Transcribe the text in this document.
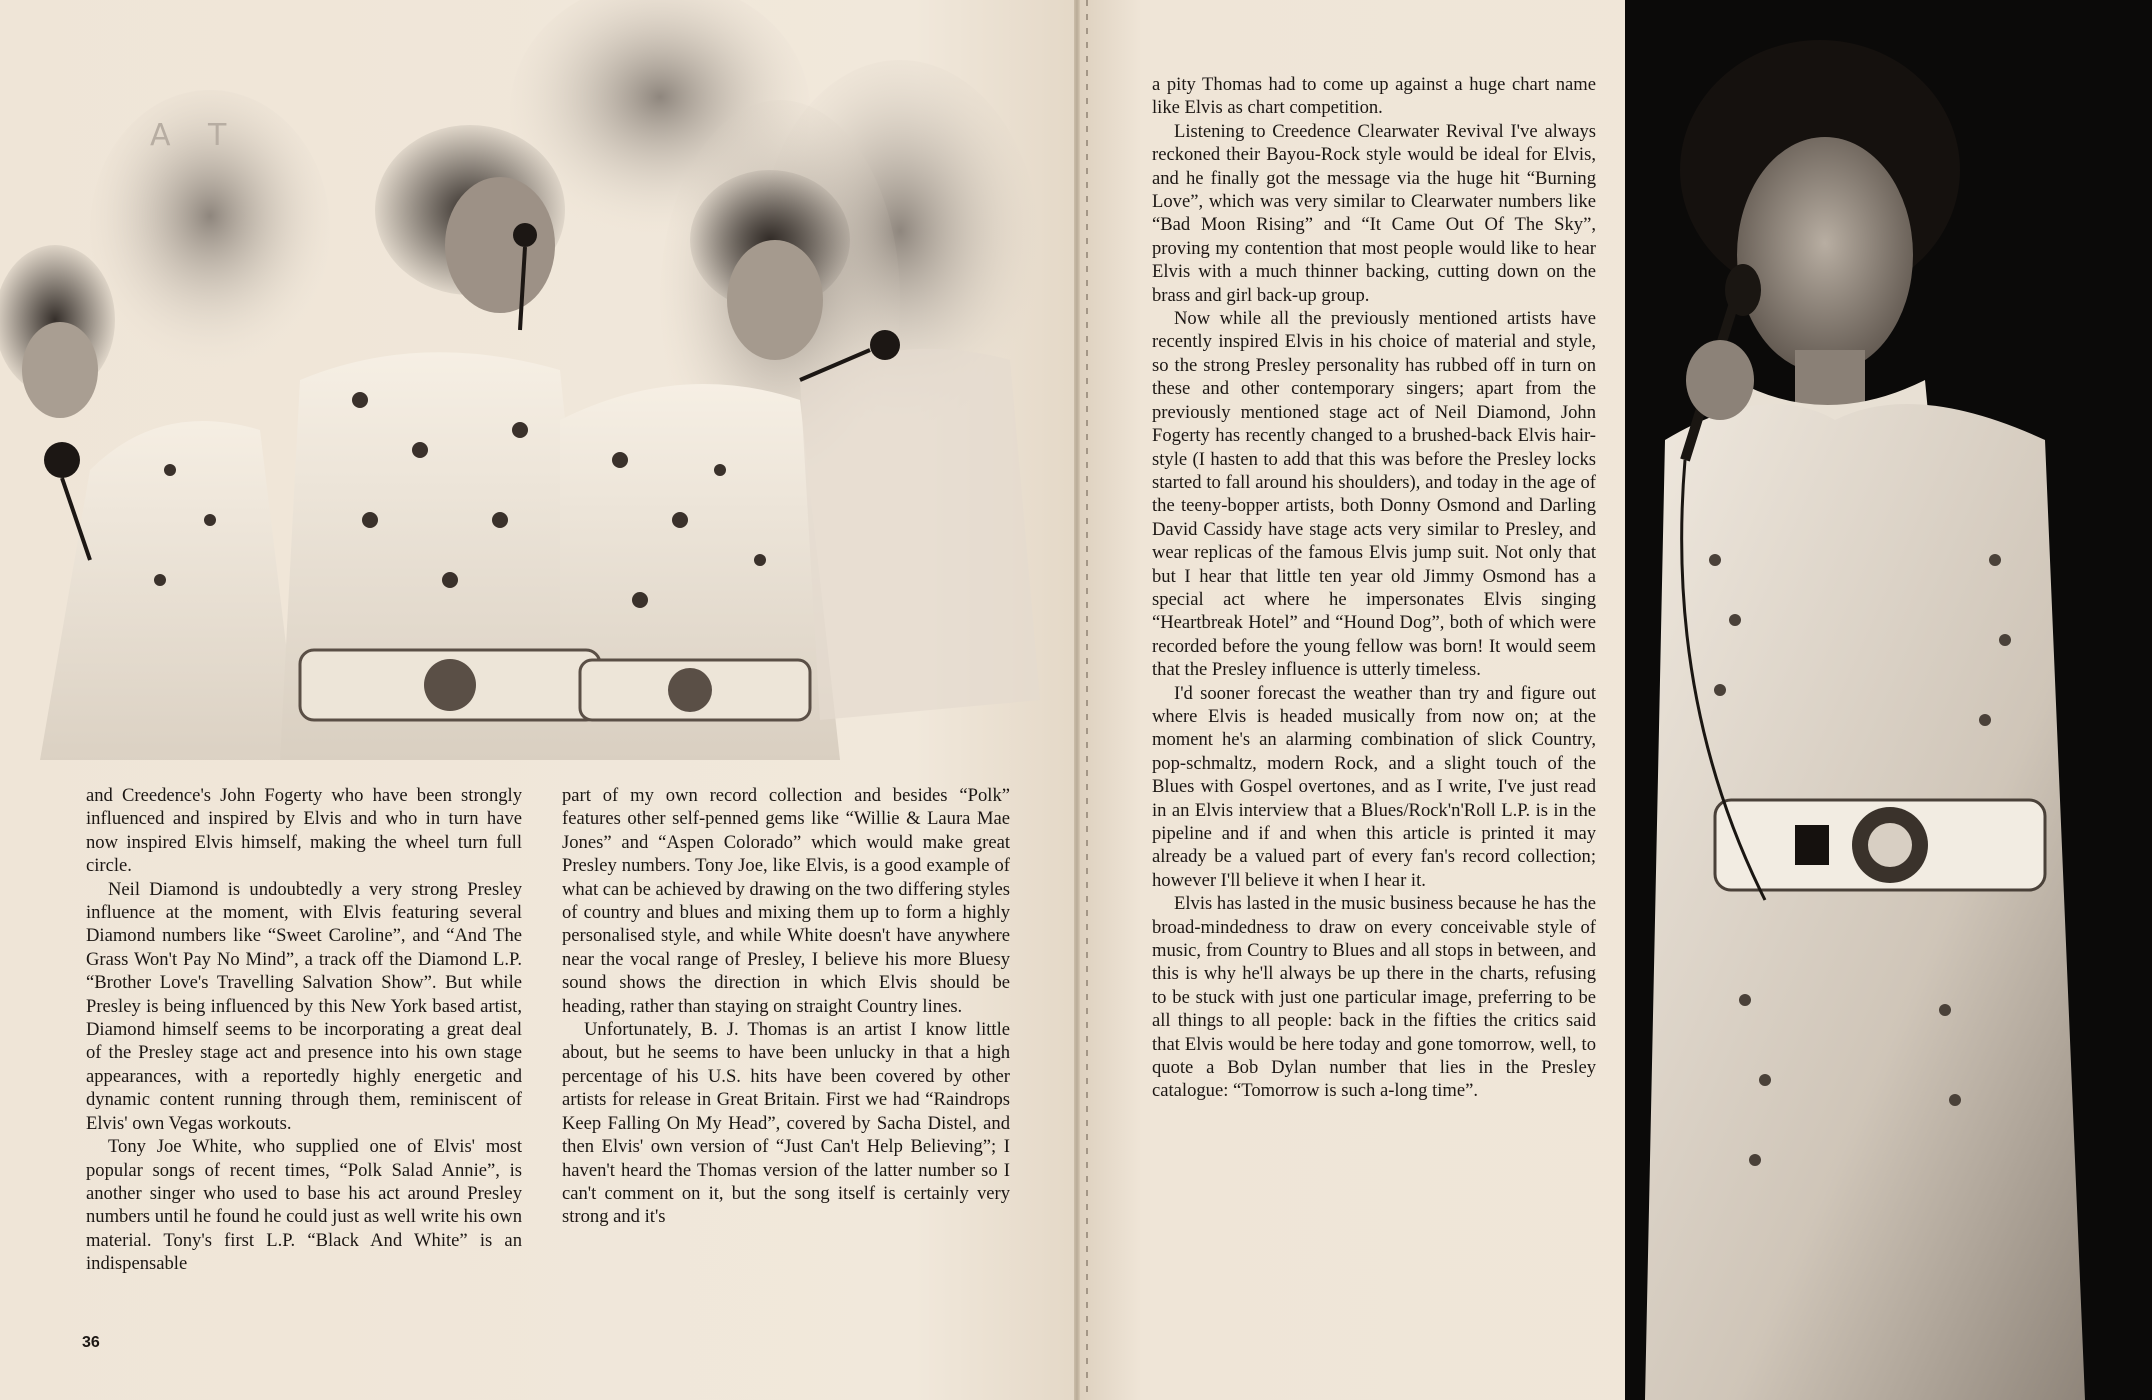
A T

and Creedence's John Fogerty who have been strongly influenced and inspired by Elvis and who in turn have now inspired Elvis himself, making the wheel turn full circle.

Neil Diamond is undoubtedly a very strong Presley influence at the moment, with Elvis featuring several Diamond numbers like “Sweet Caroline”, and “And The Grass Won't Pay No Mind”, a track off the Diamond L.P. “Brother Love's Travelling Salvation Show”. But while Presley is being influenced by this New York based artist, Diamond himself seems to be incorporating a great deal of the Presley stage act and presence into his own stage appearances, with a reportedly highly energetic and dynamic content running through them, reminiscent of Elvis' own Vegas workouts.

Tony Joe White, who supplied one of Elvis' most popular songs of recent times, “Polk Salad Annie”, is another singer who used to base his act around Presley numbers until he found he could just as well write his own material. Tony's first L.P. “Black And White” is an indispensable

part of my own record collection and besides “Polk” features other self-penned gems like “Willie & Laura Mae Jones” and “Aspen Colorado” which would make great Presley numbers. Tony Joe, like Elvis, is a good example of what can be achieved by drawing on the two differing styles of country and blues and mixing them up to form a highly personalised style, and while White doesn't have anywhere near the vocal range of Presley, I believe his more Bluesy sound shows the direction in which Elvis should be heading, rather than staying on straight Country lines.

Unfortunately, B. J. Thomas is an artist I know little about, but he seems to have been unlucky in that a high percentage of his U.S. hits have been covered by other artists for release in Great Britain. First we had “Raindrops Keep Falling On My Head”, covered by Sacha Distel, and then Elvis' own version of “Just Can't Help Believing”; I haven't heard the Thomas version of the latter number so I can't comment on it, but the song itself is certainly very strong and it's

a pity Thomas had to come up against a huge chart name like Elvis as chart competition.

Listening to Creedence Clearwater Revival I've always reckoned their Bayou-Rock style would be ideal for Elvis, and he finally got the message via the huge hit “Burning Love”, which was very similar to Clearwater numbers like “Bad Moon Rising” and “It Came Out Of The Sky”, proving my contention that most people would like to hear Elvis with a much thinner backing, cutting down on the brass and girl back-up group.

Now while all the previously mentioned artists have recently inspired Elvis in his choice of material and style, so the strong Presley personality has rubbed off in turn on these and other contemporary singers; apart from the previously mentioned stage act of Neil Diamond, John Fogerty has recently changed to a brushed-back Elvis hair-style (I hasten to add that this was before the Presley locks started to fall around his shoulders), and today in the age of the teeny-bopper artists, both Donny Osmond and Darling David Cassidy have stage acts very similar to Presley, and wear replicas of the famous Elvis jump suit. Not only that but I hear that little ten year old Jimmy Osmond has a special act where he impersonates Elvis singing “Heartbreak Hotel” and “Hound Dog”, both of which were recorded before the young fellow was born! It would seem that the Presley influence is utterly timeless.

I'd sooner forecast the weather than try and figure out where Elvis is headed musically from now on; at the moment he's an alarming combination of slick Country, pop-schmaltz, modern Rock, and a slight touch of the Blues with Gospel overtones, and as I write, I've just read in an Elvis interview that a Blues/Rock'n'Roll L.P. is in the pipeline and if and when this article is printed it may already be a valued part of every fan's record collection; however I'll believe it when I hear it.

Elvis has lasted in the music business because he has the broad-mindedness to draw on every conceivable style of music, from Country to Blues and all stops in between, and this is why he'll always be up there in the charts, refusing to be stuck with just one particular image, preferring to be all things to all people: back in the fifties the critics said that Elvis would be here today and gone tomorrow, well, to quote a Bob Dylan number that lies in the Presley catalogue: “Tomorrow is such a-long time”.

36
